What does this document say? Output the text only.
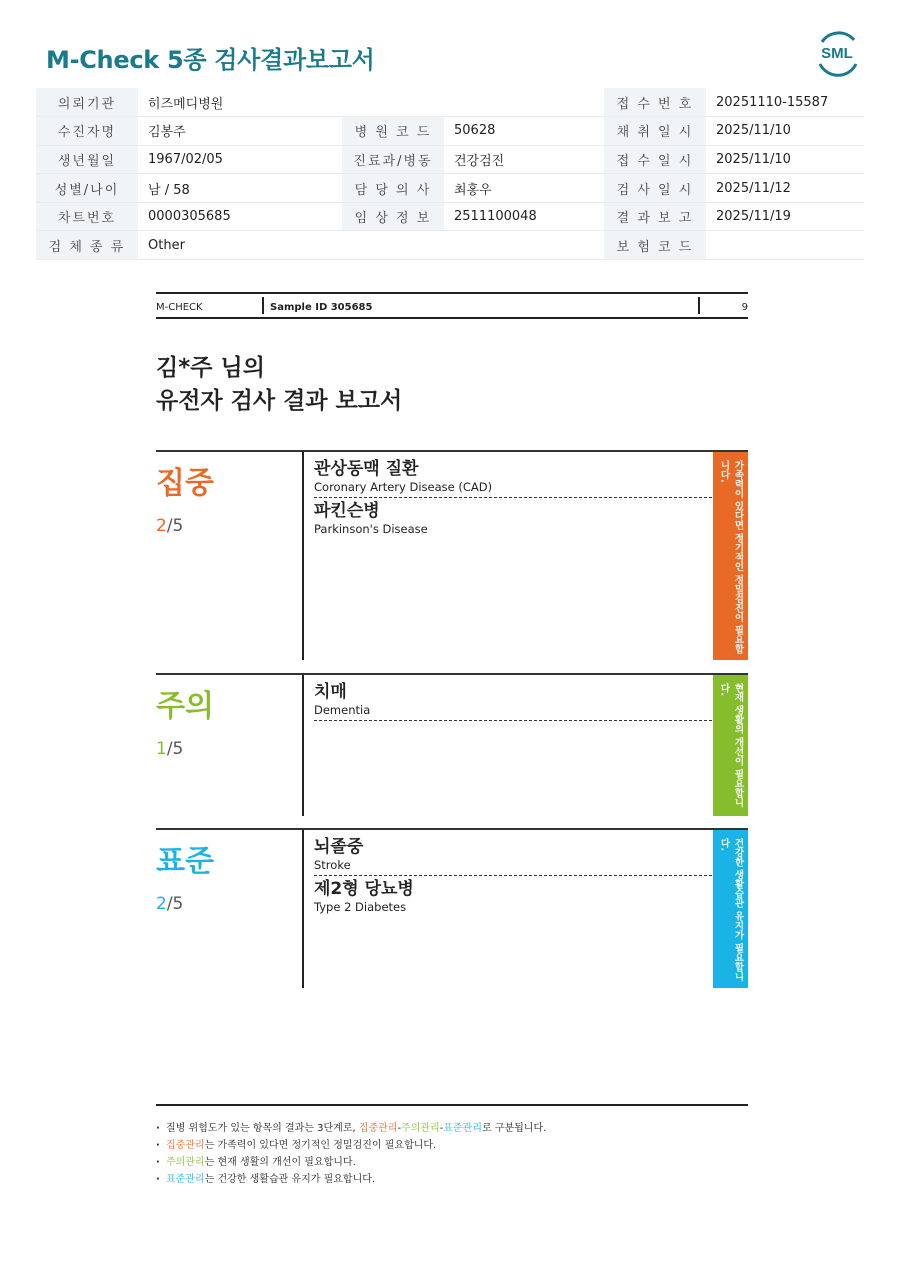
M-Check 5종 검사결과보고서	SML
의뢰기관	히즈메디병원			접 수 번 호	20251110-15587
수진자명	김봉주	병 원 코 드	50628	채 취 일 시	2025/11/10
생년월일	1967/02/05	진료과/병동	건강검진	접 수 일 시	2025/11/10
성별/나이	남 / 58	담 당 의 사	최홍우	검 사 일 시	2025/11/12
차트번호	0000305685	임 상 정 보	2511100048	결 과 보 고	2025/11/19
검 체 종 류	Other			보 험 코 드	
M-CHECK	Sample ID 305685	9
김*주 님의
유전자 검사 결과 보고서
집중
2/5
관상동맥 질환
Coronary Artery Disease (CAD)
파킨슨병
Parkinson's Disease	가족력이 있다면 정기적인 정밀검진이 필요합니다.
주의
1/5
치매
Dementia	현재 생활의 개선이 필요합니다.
표준
2/5
뇌졸중
Stroke
제2형 당뇨병
Type 2 Diabetes	건강한 생활습관 유지가 필요합니다.
· 질병 위험도가 있는 항목의 결과는 3단계로, 집중관리-주의관리-표준관리로 구분됩니다.
· 집중관리는 가족력이 있다면 정기적인 정밀검진이 필요합니다.
· 주의관리는 현재 생활의 개선이 필요합니다.
· 표준관리는 건강한 생활습관 유지가 필요합니다.
